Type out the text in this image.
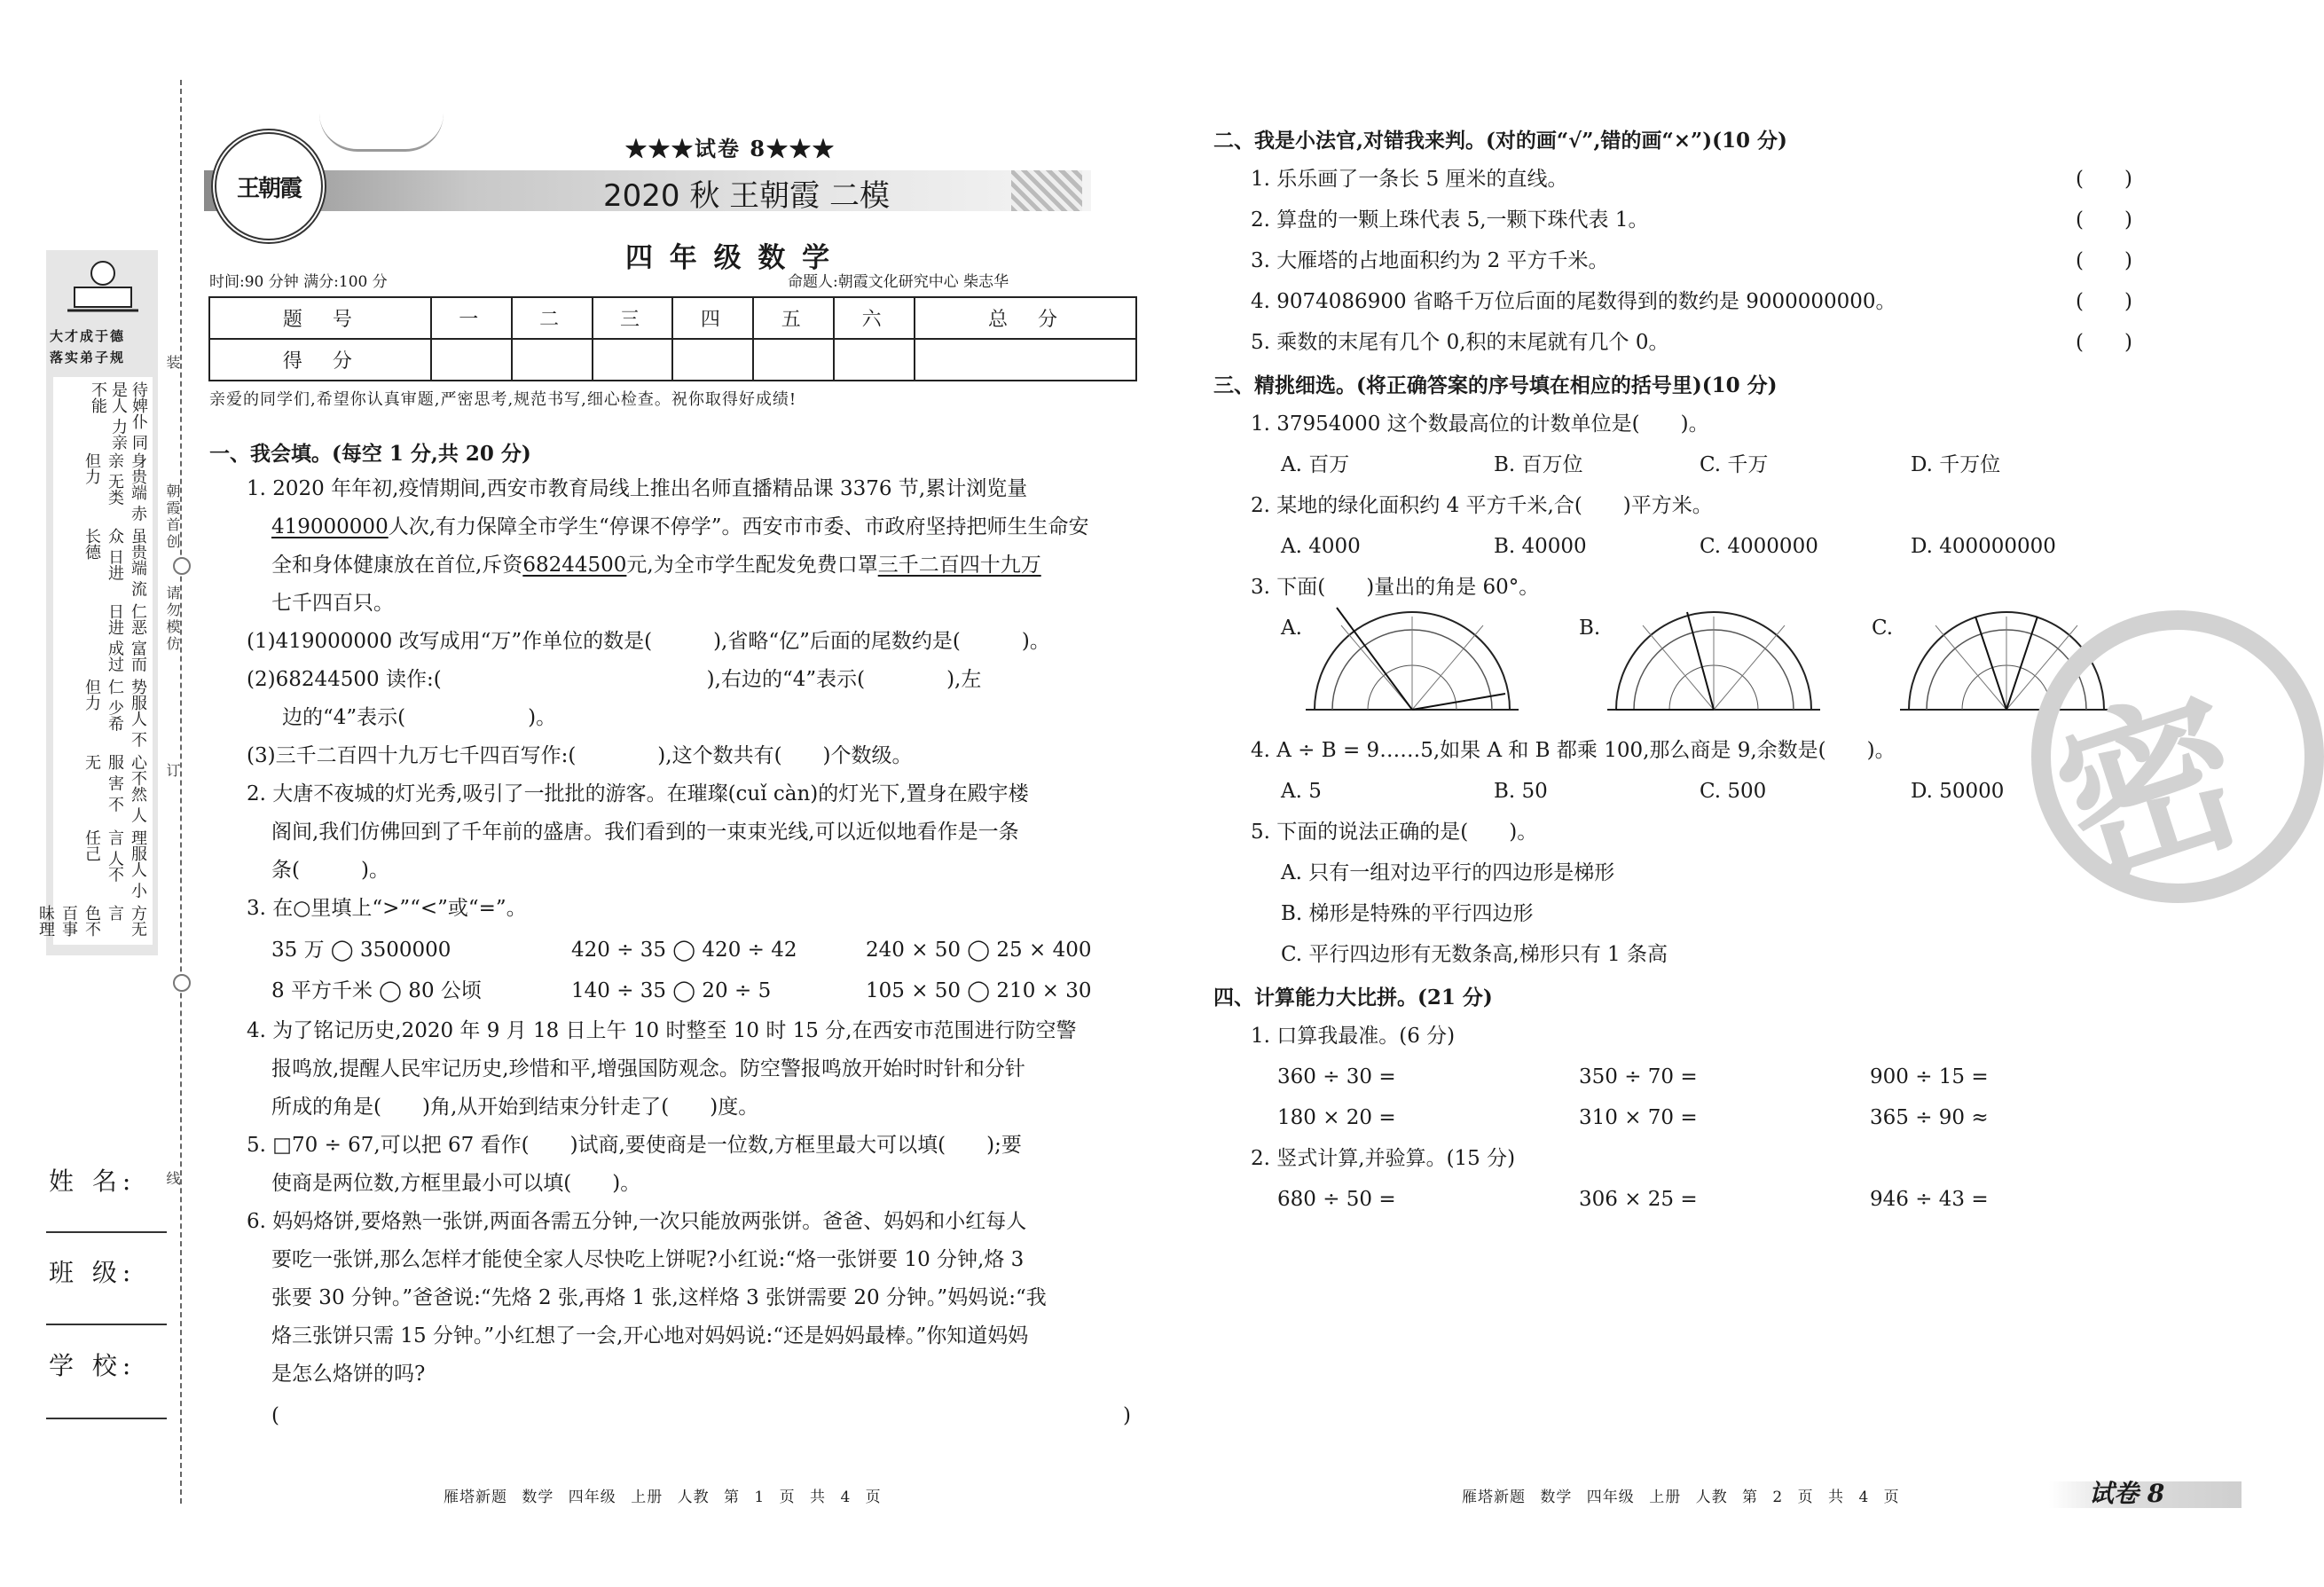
大才成于德
落实弟子规
待婢仆 同是人 力亲 不能
身贵端 赤亲 无类 但力
虽贵端 流众 日进 长德
仁恶 富而 日进 成过
势服人 不仁 少希 但力
心不然 人服 害 不无
理服人 小言 人不 任己
方无言 色不 百事 昧理
装
朝霞首创
请勿模仿
订
线
姓 名:
班 级:
学 校:
王朝霞
★★★试卷 8★★★
2020 秋 王朝霞 二模
四 年 级 数 学
时间:90 分钟 满分:100 分	命题人:朝霞文化研究中心 柴志华
题　号	一	二	三	四	五	六	总　分
得　分							
亲爱的同学们,希望你认真审题,严密思考,规范书写,细心检查。祝你取得好成绩!
一、我会填。(每空 1 分,共 20 分)
1. 2020 年年初,疫情期间,西安市教育局线上推出名师直播精品课 3376 节,累计浏览量
419000000人次,有力保障全市学生“停课不停学”。西安市市委、市政府坚持把师生生命安
全和身体健康放在首位,斥资68244500元,为全市学生配发免费口罩三千二百四十九万
七千四百只。
(1)419000000 改写成用“万”作单位的数是(　　　),省略“亿”后面的尾数约是(　　　)。
(2)68244500 读作:(　　　　　　　　　　　　　),右边的“4”表示(　　　　),左
边的“4”表示(　　　　　　)。
(3)三千二百四十九万七千四百写作:(　　　　),这个数共有(　　)个数级。
2. 大唐不夜城的灯光秀,吸引了一批批的游客。在璀璨(cuǐ càn)的灯光下,置身在殿宇楼
阁间,我们仿佛回到了千年前的盛唐。我们看到的一束束光线,可以近似地看作是一条
条(　　　)。
3. 在○里填上“>”“<”或“=”。
35 万 ◯ 3500000	420 ÷ 35 ◯ 420 ÷ 42	240 × 50 ◯ 25 × 400
8 平方千米 ◯ 80 公顷	140 ÷ 35 ◯ 20 ÷ 5	105 × 50 ◯ 210 × 30
4. 为了铭记历史,2020 年 9 月 18 日上午 10 时整至 10 时 15 分,在西安市范围进行防空警
报鸣放,提醒人民牢记历史,珍惜和平,增强国防观念。防空警报鸣放开始时时针和分针
所成的角是(　　)角,从开始到结束分针走了(　　)度。
5. □70 ÷ 67,可以把 67 看作(　　)试商,要使商是一位数,方框里最大可以填(　　);要
使商是两位数,方框里最小可以填(　　)。
6. 妈妈烙饼,要烙熟一张饼,两面各需五分钟,一次只能放两张饼。爸爸、妈妈和小红每人
要吃一张饼,那么怎样才能使全家人尽快吃上饼呢?小红说:“烙一张饼要 10 分钟,烙 3
张要 30 分钟。”爸爸说:“先烙 2 张,再烙 1 张,这样烙 3 张饼需要 20 分钟。”妈妈说:“我
烙三张饼只需 15 分钟。”小红想了一会,开心地对妈妈说:“还是妈妈最棒。”你知道妈妈
是怎么烙饼的吗?
(	)
二、我是小法官,对错我来判。(对的画“√”,错的画“×”)(10 分)
1. 乐乐画了一条长 5 厘米的直线。	(　　)
2. 算盘的一颗上珠代表 5,一颗下珠代表 1。	(　　)
3. 大雁塔的占地面积约为 2 平方千米。	(　　)
4. 9074086900 省略千万位后面的尾数得到的数约是 9000000000。	(　　)
5. 乘数的末尾有几个 0,积的末尾就有几个 0。	(　　)
三、精挑细选。(将正确答案的序号填在相应的括号里)(10 分)
1. 37954000 这个数最高位的计数单位是(　　)。
A. 百万	B. 百万位	C. 千万	D. 千万位
2. 某地的绿化面积约 4 平方千米,合(　　)平方米。
A. 4000	B. 40000	C. 4000000	D. 400000000
3. 下面(　　)量出的角是 60°。
A.	B.	C.
4. A ÷ B = 9……5,如果 A 和 B 都乘 100,那么商是 9,余数是(　　)。
A. 5	B. 50	C. 500	D. 50000
5. 下面的说法正确的是(　　)。
A. 只有一组对边平行的四边形是梯形
B. 梯形是特殊的平行四边形
C. 平行四边形有无数条高,梯形只有 1 条高
四、计算能力大比拼。(21 分)
1. 口算我最准。(6 分)
360 ÷ 30 =	350 ÷ 70 =	900 ÷ 15 =
180 × 20 =	310 × 70 =	365 ÷ 90 ≈
2. 竖式计算,并验算。(15 分)
680 ÷ 50 =	306 × 25 =	946 ÷ 43 =
密
雁塔新题 数学 四年级 上册 人教 第 1 页 共 4 页	雁塔新题 数学 四年级 上册 人教 第 2 页 共 4 页	试卷 8
